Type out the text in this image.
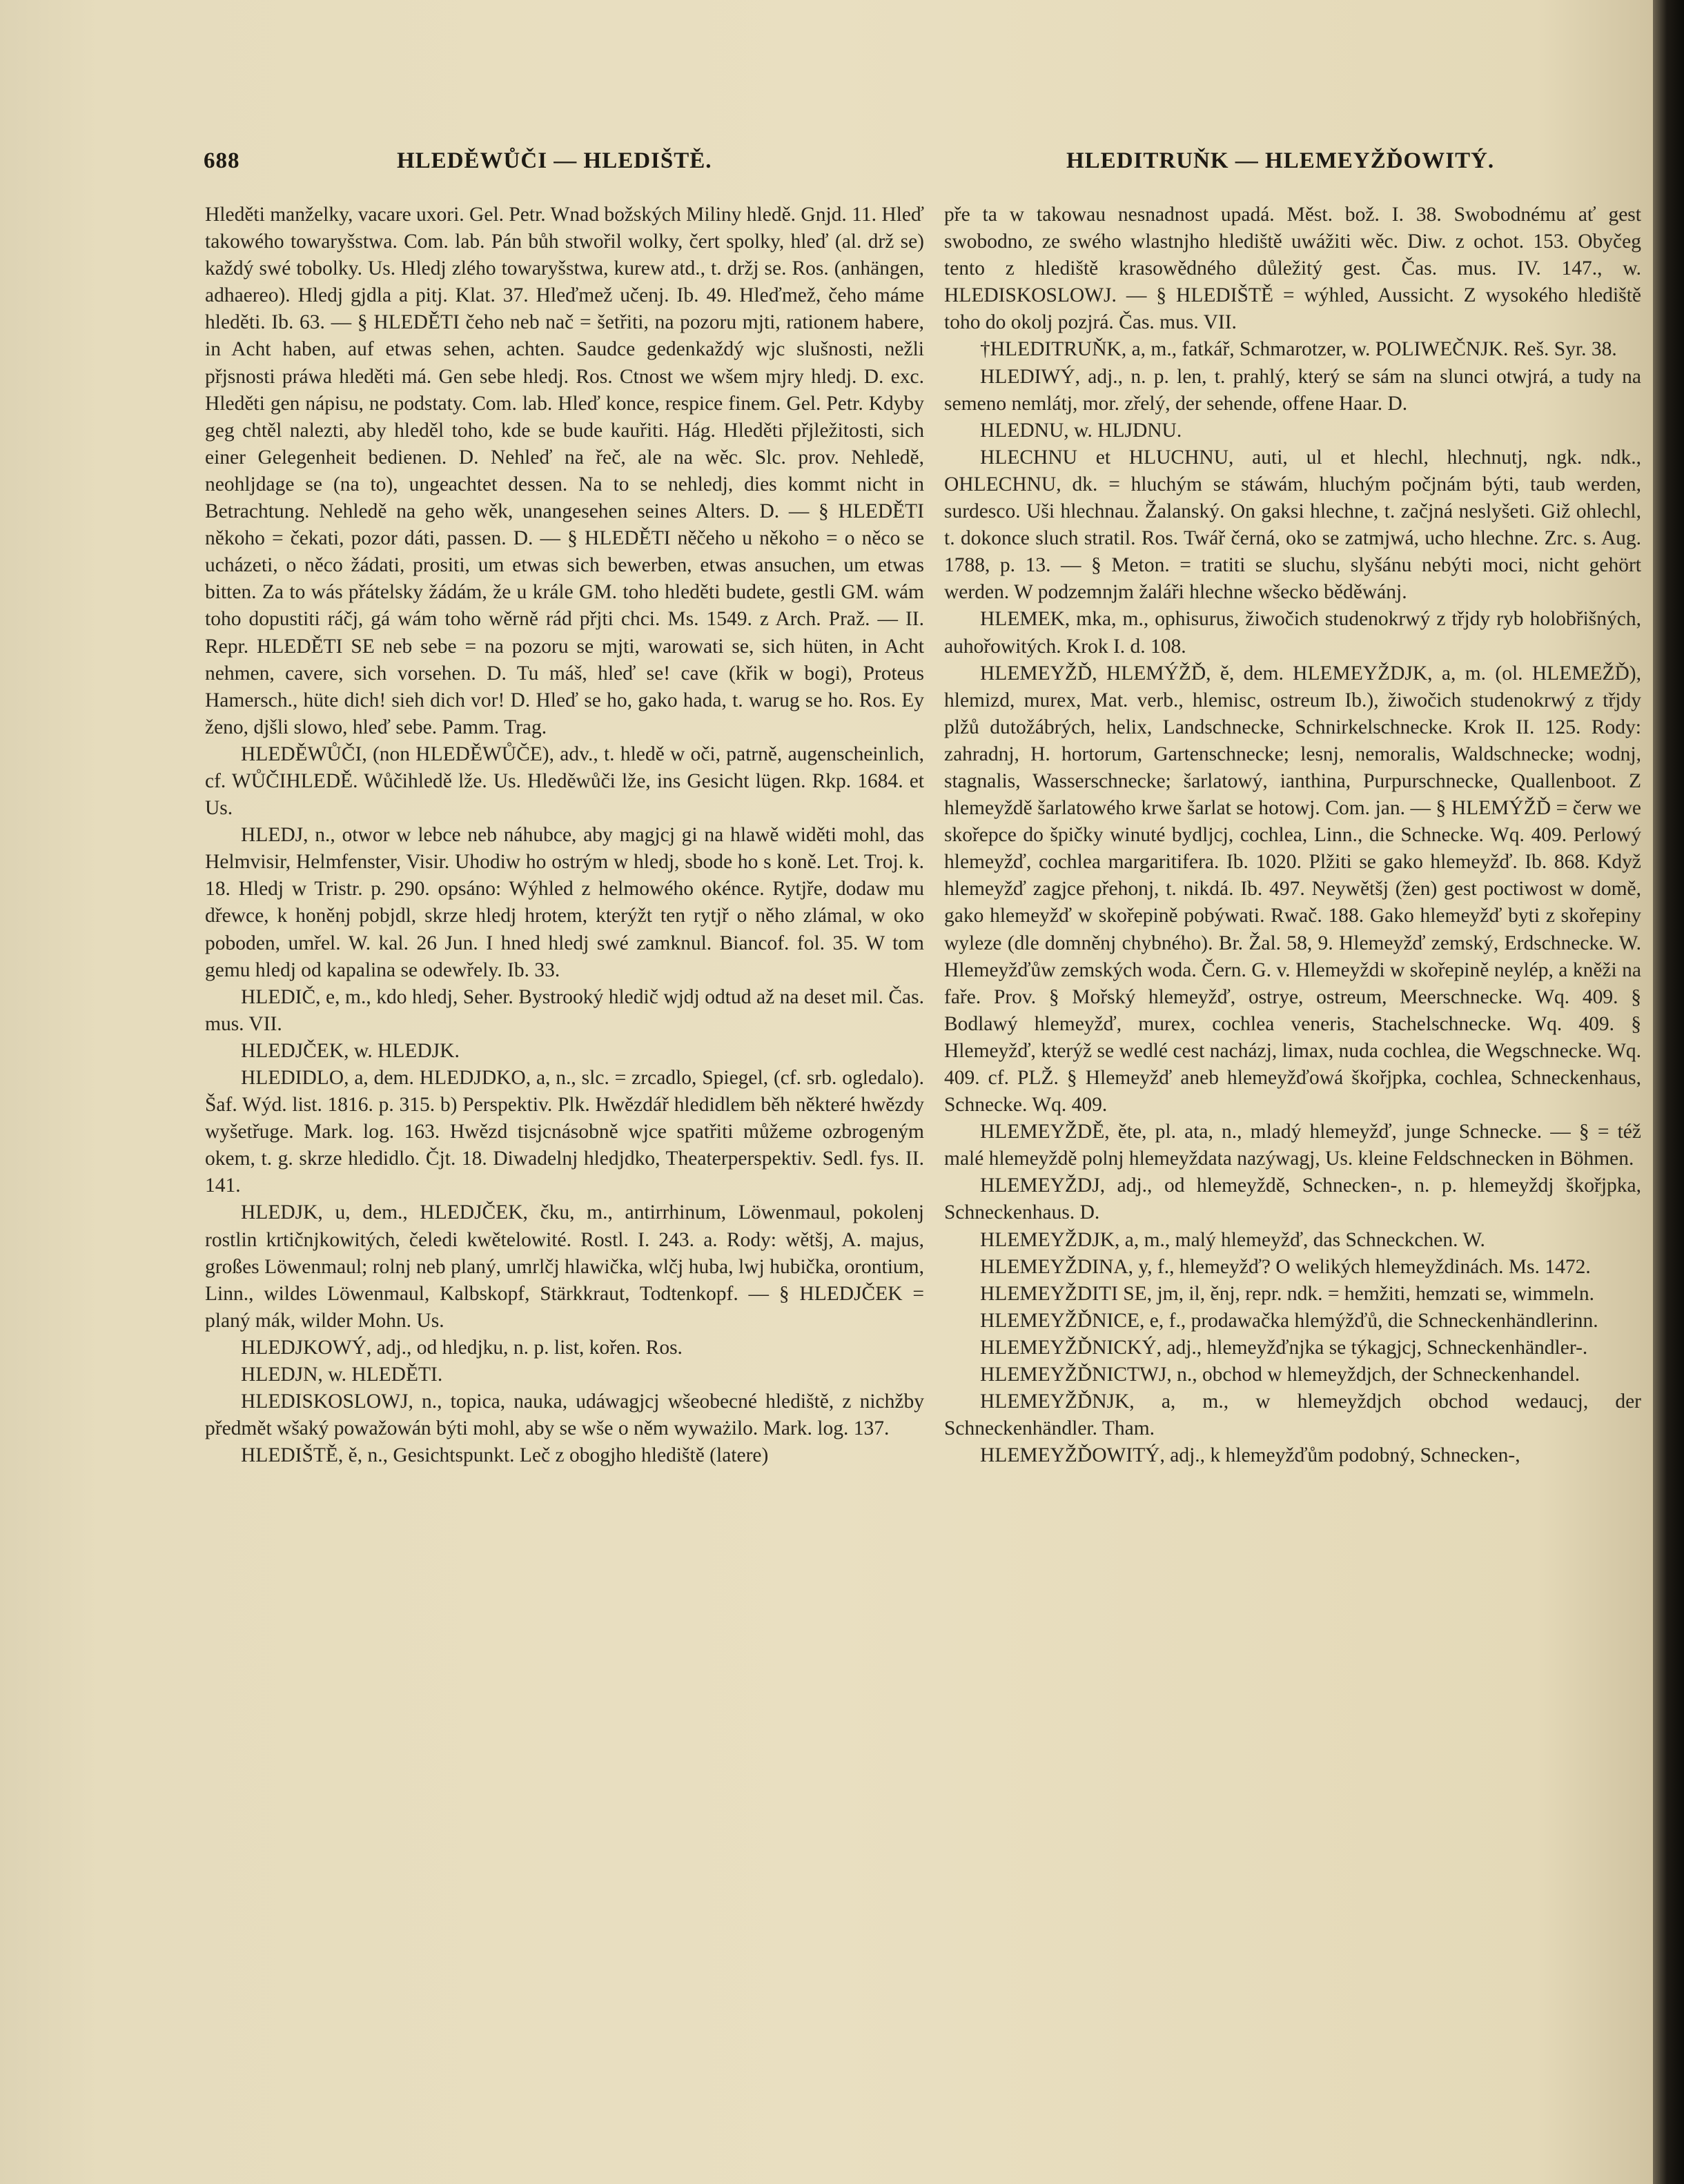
688	HLEDĚWŮČI — HLEDIŠTĚ.	HLEDITRUŇK — HLEMEYŽĎOWITÝ.

Hleděti manželky, vacare uxori. Gel. Petr. Wnad božských Miliny hledě. Gnjd. 11. Hleď takowého towaryšstwa. Com. lab. Pán bůh stwořil wolky, čert spolky, hleď (al. drž se) každý swé tobolky. Us. Hledj zlého towaryšstwa, kurew atd., t. držj se. Ros. (anhängen, adhaereo). Hledj gjdla a pitj. Klat. 37. Hleďmež učenj. Ib. 49. Hleďmež, čeho máme hleděti. Ib. 63. — § HLEDĚTI čeho neb nač = šetřiti, na pozoru mjti, rationem habere, in Acht haben, auf etwas sehen, achten. Saudce gedenkaždý wjc slušnosti, nežli přjsnosti práwa hleděti má. Gen sebe hledj. Ros. Ctnost we wšem mjry hledj. D. exc. Hleděti gen nápisu, ne podstaty. Com. lab. Hleď konce, respice finem. Gel. Petr. Kdyby geg chtěl nalezti, aby hleděl toho, kde se bude kauřiti. Hág. Hleděti přjležitosti, sich einer Gelegenheit bedienen. D. Nehleď na řeč, ale na wěc. Slc. prov. Nehledě, neohljdage se (na to), ungeachtet dessen. Na to se nehledj, dies kommt nicht in Betrachtung. Nehledě na geho wěk, unangesehen seines Alters. D. — § HLEDĚTI někoho = čekati, pozor dáti, passen. D. — § HLEDĚTI něčeho u někoho = o něco se ucházeti, o něco žádati, prositi, um etwas sich bewerben, etwas ansuchen, um etwas bitten. Za to wás přátelsky žádám, že u krále GM. toho hleděti budete, gestli GM. wám toho dopustiti ráčj, gá wám toho wěrně rád přjti chci. Ms. 1549. z Arch. Praž. — II. Repr. HLEDĚTI SE neb sebe = na pozoru se mjti, warowati se, sich hüten, in Acht nehmen, cavere, sich vorsehen. D. Tu máš, hleď se! cave (křik w bogi), Proteus Hamersch., hüte dich! sieh dich vor! D. Hleď se ho, gako hada, t. warug se ho. Ros. Ey ženo, djšli slowo, hleď sebe. Pamm. Trag.

HLEDĚWŮČI, (non HLEDĚWŮČE), adv., t. hledě w oči, patrně, augenscheinlich, cf. WŮČIHLEDĚ. Wůčihledě lže. Us. Hleděwůči lže, ins Gesicht lügen. Rkp. 1684. et Us.

HLEDJ, n., otwor w lebce neb náhubce, aby magjcj gi na hlawě widěti mohl, das Helmvisir, Helmfenster, Visir. Uhodiw ho ostrým w hledj, sbode ho s koně. Let. Troj. k. 18. Hledj w Tristr. p. 290. opsáno: Wýhled z helmowého okénce. Rytjře, dodaw mu dřewce, k honěnj pobjdl, skrze hledj hrotem, kterýžt ten rytjř o něho zlámal, w oko poboden, umřel. W. kal. 26 Jun. I hned hledj swé zamknul. Biancof. fol. 35. W tom gemu hledj od kapalina se odewřely. Ib. 33.

HLEDIČ, e, m., kdo hledj, Seher. Bystrooký hledič wjdj odtud až na deset mil. Čas. mus. VII.

HLEDJČEK, w. HLEDJK.

HLEDIDLO, a, dem. HLEDJDKO, a, n., slc. = zrcadlo, Spiegel, (cf. srb. ogledalo). Šaf. Wýd. list. 1816. p. 315. b) Perspektiv. Plk. Hwězdář hledidlem běh některé hwězdy wyšetřuge. Mark. log. 163. Hwězd tisjcnásobně wjce spatřiti můžeme ozbrogeným okem, t. g. skrze hledidlo. Čjt. 18. Diwadelnj hledjdko, Theaterperspektiv. Sedl. fys. II. 141.

HLEDJK, u, dem., HLEDJČEK, čku, m., antirrhinum, Löwenmaul, pokolenj rostlin krtičnjkowitých, čeledi kwětelowité. Rostl. I. 243. a. Rody: wětšj, A. majus, großes Löwenmaul; rolnj neb planý, umrlčj hlawička, wlčj huba, lwj hubička, orontium, Linn., wildes Löwenmaul, Kalbskopf, Stärkkraut, Todtenkopf. — § HLEDJČEK = planý mák, wilder Mohn. Us.

HLEDJKOWÝ, adj., od hledjku, n. p. list, kořen. Ros.

HLEDJN, w. HLEDĚTI.

HLEDISKOSLOWJ, n., topica, nauka, udáwagjcj wšeobecné hlediště, z nichžby předmět wšaký powažowán býti mohl, aby se wše o něm wyważilo. Mark. log. 137.

HLEDIŠTĚ, ě, n., Gesichtspunkt. Leč z obogjho hlediště (latere)

pře ta w takowau nesnadnost upadá. Měst. bož. I. 38. Swobodnému ať gest swobodno, ze swého wlastnjho hlediště uwážiti wěc. Diw. z ochot. 153. Obyčeg tento z hlediště krasowědného důležitý gest. Čas. mus. IV. 147., w. HLEDISKOSLOWJ. — § HLEDIŠTĚ = wýhled, Aussicht. Z wysokého hlediště toho do okolj pozjrá. Čas. mus. VII.

†HLEDITRUŇK, a, m., fatkář, Schmarotzer, w. POLIWEČNJK. Reš. Syr. 38.

HLEDIWÝ, adj., n. p. len, t. prahlý, který se sám na slunci otwjrá, a tudy na semeno nemlátj, mor. zřelý, der sehende, offene Haar. D.

HLEDNU, w. HLJDNU.

HLECHNU et HLUCHNU, auti, ul et hlechl, hlechnutj, ngk. ndk., OHLECHNU, dk. = hluchým se stáwám, hluchým počjnám býti, taub werden, surdesco. Uši hlechnau. Žalanský. On gaksi hlechne, t. začjná neslyšeti. Giž ohlechl, t. dokonce sluch stratil. Ros. Twář černá, oko se zatmjwá, ucho hlechne. Zrc. s. Aug. 1788, p. 13. — § Meton. = tratiti se sluchu, slyšánu nebýti moci, nicht gehört werden. W podzemnjm žaláři hlechne wšecko běděwánj.

HLEMEK, mka, m., ophisurus, žiwočich studenokrwý z třjdy ryb holobřišných, auhořowitých. Krok I. d. 108.

HLEMEYŽĎ, HLEMÝŽĎ, ě, dem. HLEMEYŽDJK, a, m. (ol. HLEMEŽĎ), hlemizd, murex, Mat. verb., hlemisc, ostreum Ib.), žiwočich studenokrwý z třjdy plžů dutožábrých, helix, Landschnecke, Schnirkelschnecke. Krok II. 125. Rody: zahradnj, H. hortorum, Gartenschnecke; lesnj, nemoralis, Waldschnecke; wodnj, stagnalis, Wasserschnecke; šarlatowý, ianthina, Purpurschnecke, Quallenboot. Z hlemeyždě šarlatowého krwe šarlat se hotowj. Com. jan. — § HLEMÝŽĎ = čerw we skořepce do špičky winuté bydljcj, cochlea, Linn., die Schnecke. Wq. 409. Perlowý hlemeyžď, cochlea margaritifera. Ib. 1020. Plžiti se gako hlemeyžď. Ib. 868. Když hlemeyžď zagjce přehonj, t. nikdá. Ib. 497. Neywětšj (žen) gest poctiwost w domě, gako hlemeyžď w skořepině pobýwati. Rwač. 188. Gako hlemeyžď byti z skořepiny wyleze (dle domněnj chybného). Br. Žal. 58, 9. Hlemeyžď zemský, Erdschnecke. W. Hlemeyžďůw zemských woda. Čern. G. v. Hlemeyždi w skořepině neylép, a kněži na faře. Prov. § Mořský hlemeyžď, ostrye, ostreum, Meerschnecke. Wq. 409. § Bodlawý hlemeyžď, murex, cochlea veneris, Stachelschnecke. Wq. 409. § Hlemeyžď, kterýž se wedlé cest nacházj, limax, nuda cochlea, die Wegschnecke. Wq. 409. cf. PLŽ. § Hlemeyžď aneb hlemeyžďowá škořjpka, cochlea, Schneckenhaus, Schnecke. Wq. 409.

HLEMEYŽDĚ, ěte, pl. ata, n., mladý hlemeyžď, junge Schnecke. — § = též malé hlemeyždě polnj hlemeyždata nazýwagj, Us. kleine Feldschnecken in Böhmen.

HLEMEYŽDJ, adj., od hlemeyždě, Schnecken-, n. p. hlemeyždj škořjpka, Schneckenhaus. D.

HLEMEYŽDJK, a, m., malý hlemeyžď, das Schneckchen. W.

HLEMEYŽDINA, y, f., hlemeyžď? O welikých hlemeyždinách. Ms. 1472.

HLEMEYŽDITI SE, jm, il, ěnj, repr. ndk. = hemžiti, hemzati se, wimmeln.

HLEMEYŽĎNICE, e, f., prodawačka hlemýžďů, die Schneckenhändlerinn.

HLEMEYŽĎNICKÝ, adj., hlemeyžďnjka se týkagjcj, Schneckenhändler-.

HLEMEYŽĎNICTWJ, n., obchod w hlemeyždjch, der Schneckenhandel.

HLEMEYŽĎNJK, a, m., w hlemeyždjch obchod wedaucj, der Schneckenhändler. Tham.

HLEMEYŽĎOWITÝ, adj., k hlemeyžďům podobný, Schnecken-,
